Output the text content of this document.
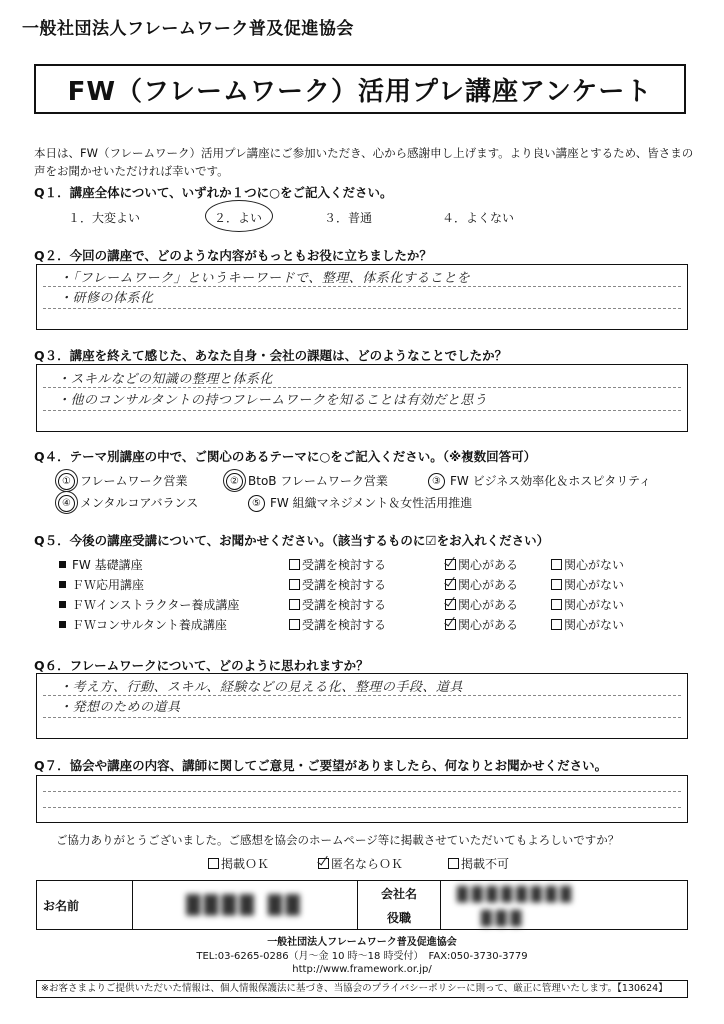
一般社団法人フレームワーク普及促進協会
FW（フレームワーク）活用プレ講座アンケート
本日は、FW（フレームワーク）活用プレ講座にご参加いただき、心から感謝申し上げます。より良い講座とするため、皆さまの声をお聞かせいただければ幸いです。
Q１．講座全体について、いずれか１つに○をご記入ください。
１．大変よい	２．よい	３．普通	４．よくない
Q２．今回の講座で、どのような内容がもっともお役に立ちましたか？
・「フレームワーク」というキーワードで、整理、体系化することを
・研修の体系化
Q３．講座を終えて感じた、あなた自身・会社の課題は、どのようなことでしたか？
・スキルなどの知識の整理と体系化
・他のコンサルタントの持つフレームワークを知ることは有効だと思う
Q４．テーマ別講座の中で、ご関心のあるテーマに○をご記入ください。（※複数回答可）
① フレームワーク営業	② BtoB フレームワーク営業	③ FW ビジネス効率化＆ホスピタリティ
④ メンタルコアバランス	⑤ FW 組織マネジメント＆女性活用推進
Q５．今後の講座受講について、お聞かせください。（該当するものに☑をお入れください）
FW 基礎講座	受講を検討する	関心がある	関心がない
ＦＷ応用講座	受講を検討する	関心がある	関心がない
ＦＷインストラクター養成講座	受講を検討する	関心がある	関心がない
ＦＷコンサルタント養成講座	受講を検討する	関心がある	関心がない
Q６．フレームワークについて、どのように思われますか？
・考え方、行動、スキル、経験などの見える化、整理の手段、道具
・発想のための道具
Q７．協会や講座の内容、講師に関してご意見・ご要望がありましたら、何なりとお聞かせください。
ご協力ありがとうございました。ご感想を協会のホームページ等に掲載させていただいてもよろしいですか？
掲載ＯＫ	匿名ならＯＫ	掲載不可
お名前	████ ██	会社名	████████
		役職	███
一般社団法人フレームワーク普及促進協会
TEL:03-6265-0286（月～金 10 時～18 時受付）　FAX:050-3730-3779
http://www.framework.or.jp/
※お客さまよりご提供いただいた情報は、個人情報保護法に基づき、当協会のプライバシーポリシーに則って、厳正に管理いたします。【130624】
